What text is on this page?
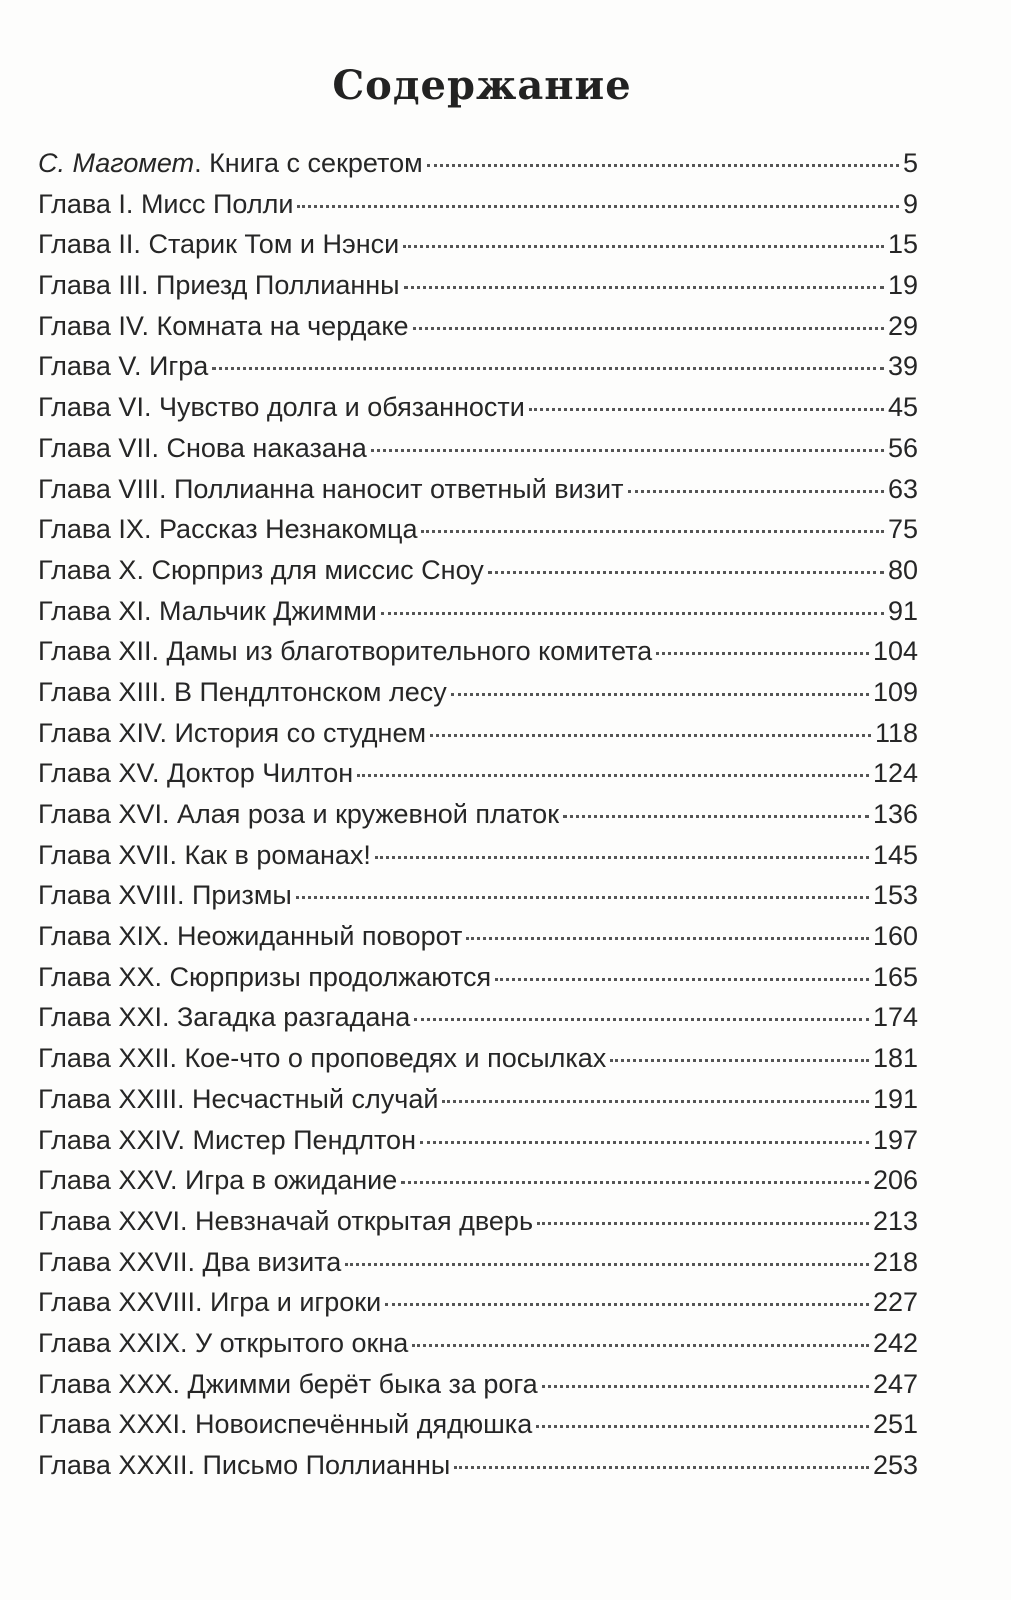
Содержание
С. Магомет. Книга с секретом	5
Глава I. Мисс Полли	9
Глава II. Старик Том и Нэнси	15
Глава III. Приезд Поллианны	19
Глава IV. Комната на чердаке	29
Глава V. Игра	39
Глава VI. Чувство долга и обязанности	45
Глава VII. Снова наказана	56
Глава VIII. Поллианна наносит ответный визит	63
Глава IX. Рассказ Незнакомца	75
Глава X. Сюрприз для миссис Сноу	80
Глава XI. Мальчик Джимми	91
Глава XII. Дамы из благотворительного комитета	104
Глава XIII. В Пендлтонском лесу	109
Глава XIV. История со студнем	118
Глава XV. Доктор Чилтон	124
Глава XVI. Алая роза и кружевной платок	136
Глава XVII. Как в романах!	145
Глава XVIII. Призмы	153
Глава XIX. Неожиданный поворот	160
Глава XX. Сюрпризы продолжаются	165
Глава XXI. Загадка разгадана	174
Глава XXII. Кое-что о проповедях и посылках	181
Глава XXIII. Несчастный случай	191
Глава XXIV. Мистер Пендлтон	197
Глава XXV. Игра в ожидание	206
Глава XXVI. Невзначай открытая дверь	213
Глава XXVII. Два визита	218
Глава XXVIII. Игра и игроки	227
Глава XXIX. У открытого окна	242
Глава XXX. Джимми берёт быка за рога	247
Глава XXXI. Новоиспечённый дядюшка	251
Глава XXXII. Письмо Поллианны	253
